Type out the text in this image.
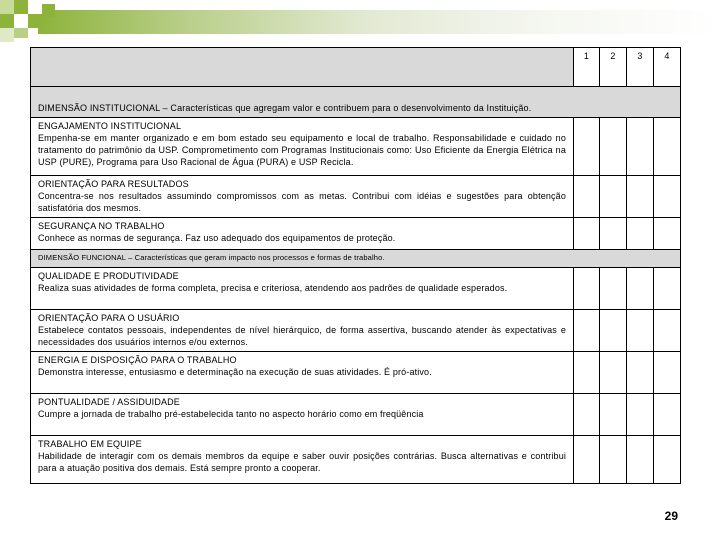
	1	2	3	4
DIMENSÃO INSTITUCIONAL – Características que agregam valor e contribuem para o desenvolvimento da Instituição.				

ENGAJAMENTO INSTITUCIONAL
Empenha-se em manter organizado e em bom estado seu equipamento e local de trabalho. Responsabilidade e cuidado no tratamento do patrimônio da USP. Comprometimento com Programas Institucionais como: Uso Eficiente da Energia Elétrica na USP (PURE), Programa para Uso Racional de Água (PURA) e USP Recicla.				

ORIENTAÇÃO PARA RESULTADOS
Concentra-se nos resultados assumindo compromissos com as metas. Contribui com idéias e sugestões para obtenção satisfatória dos mesmos.				

SEGURANÇA NO TRABALHO
Conhece as normas de segurança. Faz uso adequado dos equipamentos de proteção.				
DIMENSÃO FUNCIONAL – Características que geram impacto nos processos e formas de trabalho.				

QUALIDADE E PRODUTIVIDADE
Realiza suas atividades de forma completa, precisa e criteriosa, atendendo aos padrões de qualidade esperados.				

ORIENTAÇÃO PARA O USUÁRIO
Estabelece contatos pessoais, independentes de nível hierárquico, de forma assertiva, buscando atender às expectativas e necessidades dos usuários internos e/ou externos.				

ENERGIA E DISPOSIÇÃO PARA O TRABALHO
Demonstra interesse, entusiasmo e determinação na execução de suas atividades. É pró-ativo.				

PONTUALIDADE / ASSIDUIDADE
Cumpre a jornada de trabalho pré-estabelecida tanto no aspecto horário como em freqüência				

TRABALHO EM EQUIPE
Habilidade de interagir com os demais membros da equipe e saber ouvir posições contrárias. Busca alternativas e contribui para a atuação positiva dos demais. Está sempre pronto a cooperar.				
29
